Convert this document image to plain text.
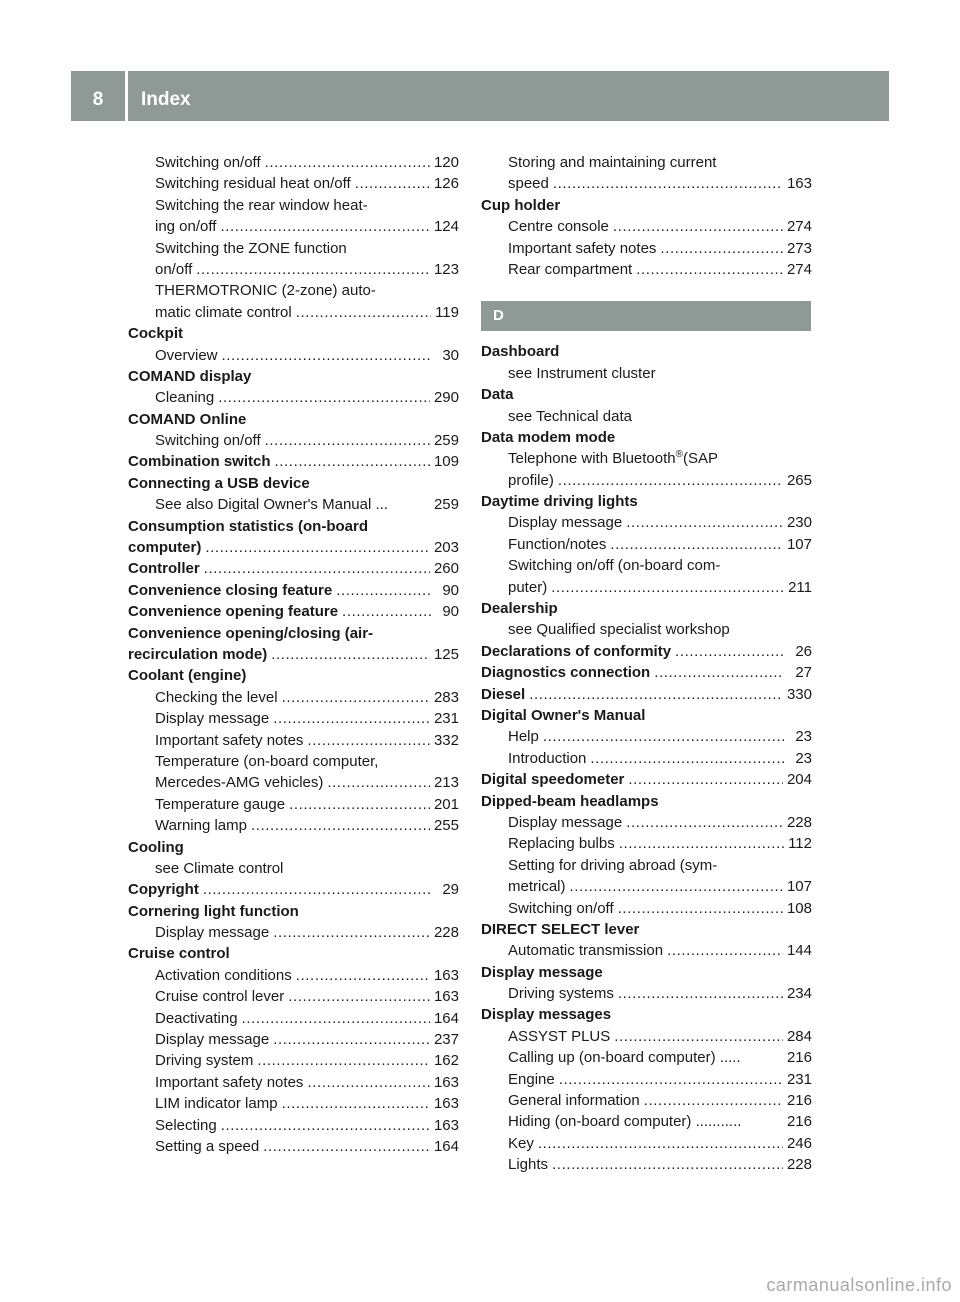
8	Index
Switching on/off .....	120
Switching residual heat on/off .....	126
Switching the rear window heat-
ing on/off .....	124
Switching the ZONE function
on/off .....	123
THERMOTRONIC (2-zone) auto-
matic climate control .....	119
Cockpit
Overview .....	30
COMAND display
Cleaning .....	290
COMAND Online
Switching on/off .....	259
Combination switch .....	109
Connecting a USB device
See also Digital Owner's Manual ...	259
Consumption statistics (on-board
computer) .....	203
Controller .....	260
Convenience closing feature .....	90
Convenience opening feature .....	90
Convenience opening/closing (air-
recirculation mode) .....	125
Coolant (engine)
Checking the level .....	283
Display message .....	231
Important safety notes .....	332
Temperature (on-board computer,
Mercedes-AMG vehicles) .....	213
Temperature gauge .....	201
Warning lamp .....	255
Cooling
see Climate control
Copyright .....	29
Cornering light function
Display message .....	228
Cruise control
Activation conditions .....	163
Cruise control lever .....	163
Deactivating .....	164
Display message .....	237
Driving system .....	162
Important safety notes .....	163
LIM indicator lamp .....	163
Selecting .....	163
Setting a speed .....	164
Storing and maintaining current
speed .....	163
Cup holder
Centre console .....	274
Important safety notes .....	273
Rear compartment .....	274
D
Dashboard
see Instrument cluster
Data
see Technical data
Data modem mode
Telephone with Bluetooth ® (SAP
profile) .....	265
Daytime driving lights
Display message .....	230
Function/notes .....	107
Switching on/off (on-board com-
puter) .....	211
Dealership
see Qualified specialist workshop
Declarations of conformity .....	26
Diagnostics connection .....	27
Diesel .....	330
Digital Owner's Manual
Help .....	23
Introduction .....	23
Digital speedometer .....	204
Dipped-beam headlamps
Display message .....	228
Replacing bulbs .....	112
Setting for driving abroad (sym-
metrical) .....	107
Switching on/off .....	108
DIRECT SELECT lever
Automatic transmission .....	144
Display message
Driving systems .....	234
Display messages
ASSYST PLUS .....	284
Calling up (on-board computer) .....	216
Engine .....	231
General information .....	216
Hiding (on-board computer) ...........	216
Key .....	246
Lights .....	228
carmanualsonline.info
